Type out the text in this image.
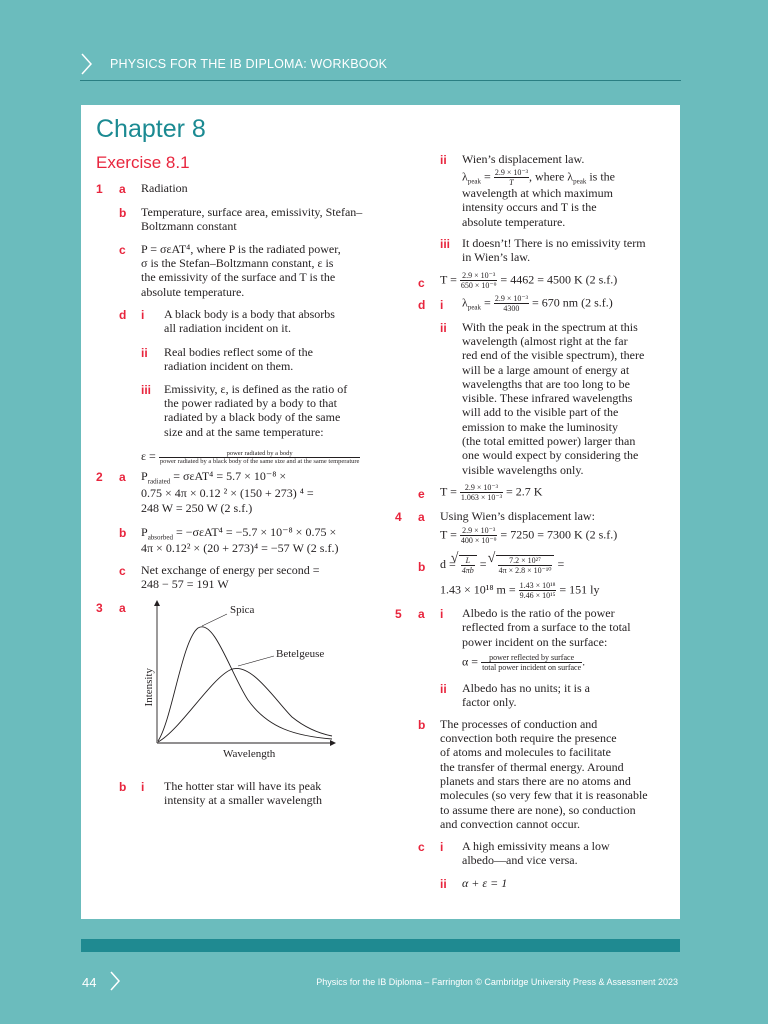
PHYSICS FOR THE IB DIPLOMA: WORKBOOK
Chapter 8
Exercise 8.1
1 a Radiation
b Temperature, surface area, emissivity, Stefan–Boltzmann constant
c P = σεAT⁴, where P is the radiated power,
σ is the Stefan–Boltzmann constant, ε is
the emissivity of the surface and T is the
absolute temperature.
d i A black body is a body that absorbs
all radiation incident on it.
ii Real bodies reflect some of the
radiation incident on them.
iii Emissivity, ε, is defined as the ratio of
the power radiated by a body to that
radiated by a black body of the same
size and at the same temperature:
ε =	power radiated by a body
power radiated by a black body of the same size and at the same temperature
2 a $P_{radiated} = \sigma\varepsilon AT^4 = 5.7 \times 10^{-8}$ ×
0.75 × 4π × 0.12 ² × (150 + 273) ⁴ =
248 W = 250 W (2 s.f.)
b $P_{absorbed} = -\sigma\varepsilon AT^4 = -5.7 \times 10^{-8} \times 0.75$ ×
4π × 0.12² × (20 + 273)⁴ = −57 W (2 s.f.)
c Net exchange of energy per second =
248 − 57 = 191 W
3 a	Spica
Betelgeuse
Intensity
Wavelength
b i The hotter star will have its peak
intensity at a smaller wavelength
ii Wien’s displacement law.
$\lambda_{peak} = \frac{\text{2.9 × 10⁻³}}{T}$ , where $\lambda_{peak}$ is the
wavelength at which maximum
intensity occurs and T is the
absolute temperature.
iii It doesn’t! There is no emissivity term
in Wien’s law.
c $T = \frac{\text{2.9 × 10⁻³}}{\text{650 × 10⁻⁹}} = 4462 = 4500$ K (2 s.f.)
d i $\lambda_{peak} = \frac{\text{2.9 × 10⁻³}}{4300} = 670$ nm (2 s.f.)
ii With the peak in the spectrum at this
wavelength (almost right at the far
red end of the visible spectrum), there
will be a large amount of energy at
wavelengths that are too long to be
visible. These infrared wavelengths
will add to the visible part of the
emission to make the luminosity
(the total emitted power) larger than
one would expect by considering the
visible wavelengths only.
e $T = \frac{\text{2.9 × 10⁻³}}{\text{1.063 × 10⁻³}} = 2.7$ K
4 a Using Wien’s displacement law:
$T = \frac{\text{2.9 × 10⁻³}}{\text{400 × 10⁻⁹}} = 7250 = 7300$ K (2 s.f.)
b d = √ $\frac{L}{4\pi b}$ = √ $\frac{\text{7.2 × 10²⁷}}{\text{4π × 2.8 × 10⁻¹⁰}}$ =
1.43 × 10¹⁸ $m = \frac{\text{1.43 × 10¹⁸}}{\text{9.46 × 10¹⁵}} = 151$ ly
5 a i Albedo is the ratio of the power
reflected from a surface to the total
power incident on the surface:
$\alpha = \frac{\text{power reflected by surface}}{\text{total power incident on surface}}$ .
ii Albedo has no units; it is a
factor only.
b The processes of conduction and
convection both require the presence
of atoms and molecules to facilitate
the transfer of thermal energy. Around
planets and stars there are no atoms and
molecules (so very few that it is reasonable
to assume there are none), so conduction
and convection cannot occur.
c i A high emissivity means a low
albedo—and vice versa.
ii α + ε = 1
44	Physics for the IB Diploma – Farrington © Cambridge University Press & Assessment 2023
